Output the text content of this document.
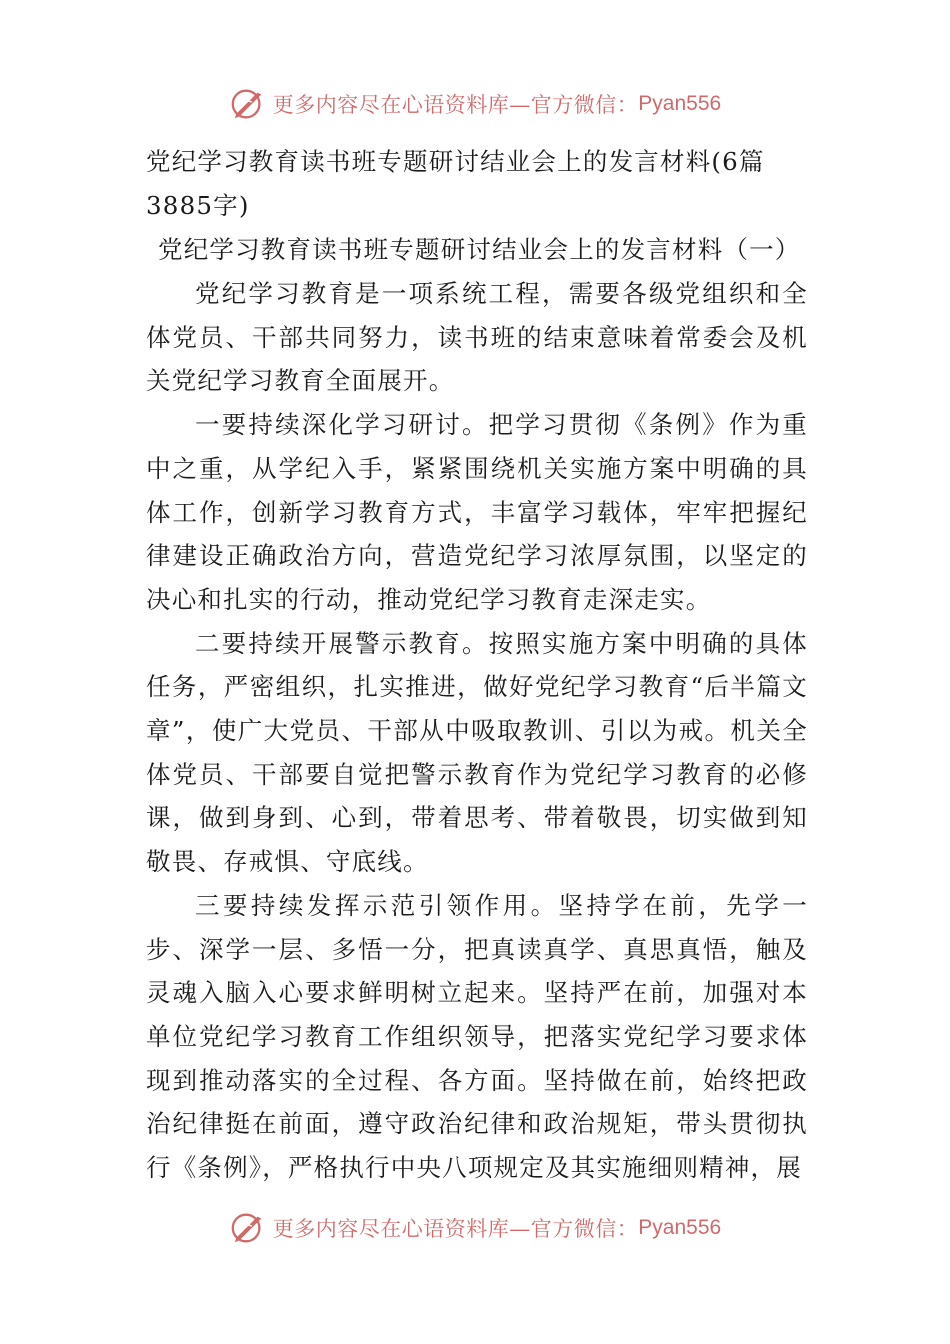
更多内容尽在心语资料库—官方微信： Pyan556
党纪学习教育读书班专题研讨结业会上的发言材料(6篇3885字)
党纪学习教育读书班专题研讨结业会上的发言材料（一）

党纪学习教育是一项系统工程，需要各级党组织和全体党员、干部共同努力，读书班的结束意味着常委会及机关党纪学习教育全面展开。

一要持续深化学习研讨。把学习贯彻《条例》作为重中之重，从学纪入手，紧紧围绕机关实施方案中明确的具体工作，创新学习教育方式，丰富学习载体，牢牢把握纪律建设正确政治方向，营造党纪学习浓厚氛围，以坚定的决心和扎实的行动，推动党纪学习教育走深走实。

二要持续开展警示教育。按照实施方案中明确的具体任务，严密组织，扎实推进，做好党纪学习教育“后半篇文章”，使广大党员、干部从中吸取教训、引以为戒。机关全体党员、干部要自觉把警示教育作为党纪学习教育的必修课，做到身到、心到，带着思考、带着敬畏，切实做到知敬畏、存戒惧、守底线。

三要持续发挥示范引领作用。坚持学在前，先学一步、深学一层、多悟一分，把真读真学、真思真悟，触及灵魂入脑入心要求鲜明树立起来。坚持严在前，加强对本单位党纪学习教育工作组织领导，把落实党纪学习要求体现到推动落实的全过程、各方面。坚持做在前，始终把政治纪律挺在前面，遵守政治纪律和政治规矩，带头贯彻执行《条例》，严格执行中央八项规定及其实施细则精神，展

更多内容尽在心语资料库—官方微信： Pyan556
